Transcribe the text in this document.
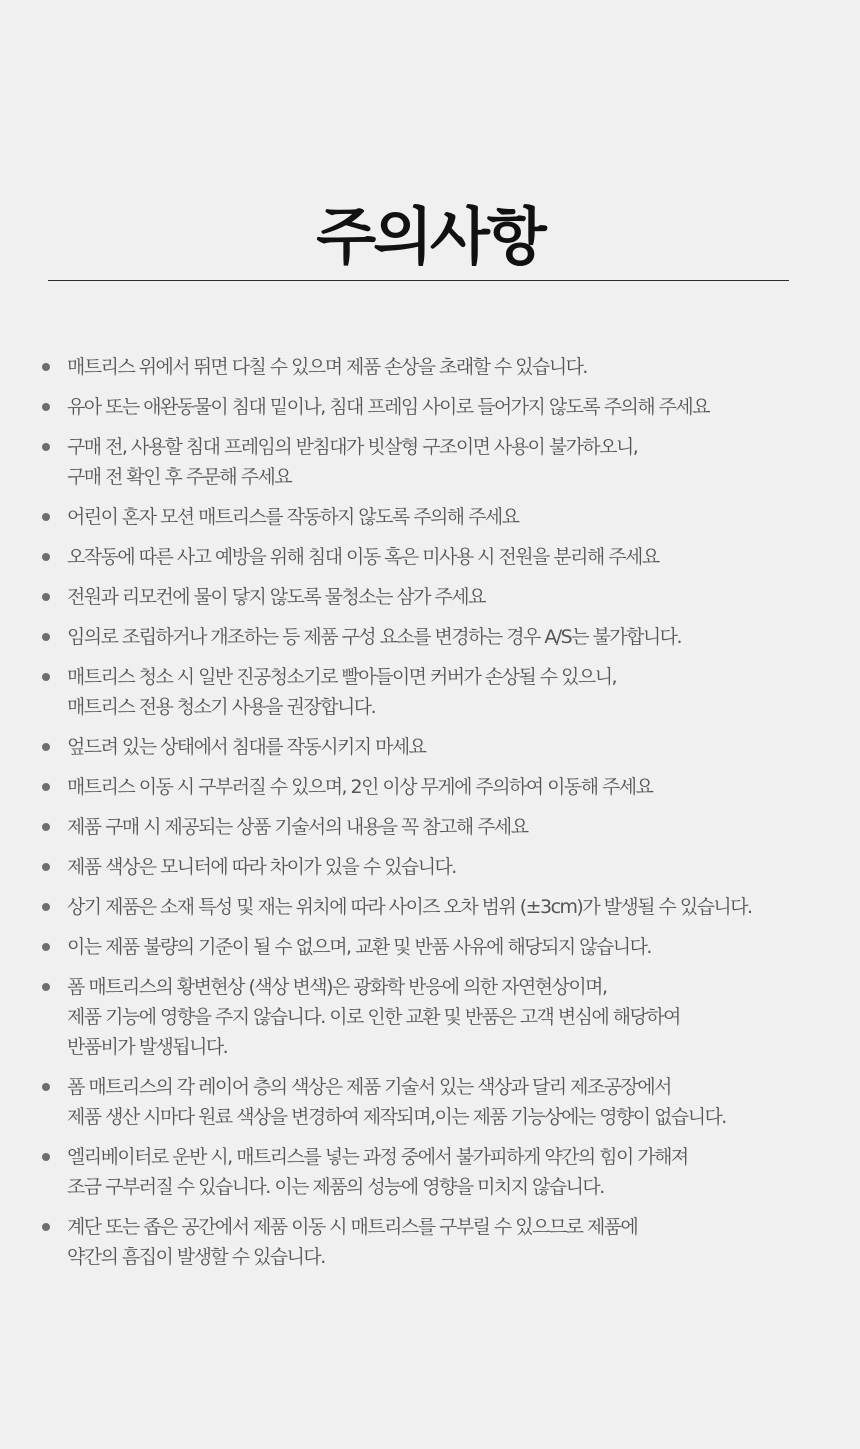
주의사항
매트리스 위에서 뛰면 다칠 수 있으며 제품 손상을 초래할 수 있습니다.
유아 또는 애완동물이 침대 밑이나, 침대 프레임 사이로 들어가지 않도록 주의해 주세요
구매 전, 사용할 침대 프레임의 받침대가 빗살형 구조이면 사용이 불가하오니,
구매 전 확인 후 주문해 주세요
어린이 혼자 모션 매트리스를 작동하지 않도록 주의해 주세요
오작동에 따른 사고 예방을 위해 침대 이동 혹은 미사용 시 전원을 분리해 주세요
전원과 리모컨에 물이 닿지 않도록 물청소는 삼가 주세요
임의로 조립하거나 개조하는 등 제품 구성 요소를 변경하는 경우 A/S는 불가합니다.
매트리스 청소 시 일반 진공청소기로 빨아들이면 커버가 손상될 수 있으니,
매트리스 전용 청소기 사용을 권장합니다.
엎드려 있는 상태에서 침대를 작동시키지 마세요
매트리스 이동 시 구부러질 수 있으며, 2인 이상 무게에 주의하여 이동해 주세요
제품 구매 시 제공되는 상품 기술서의 내용을 꼭 참고해 주세요
제품 색상은 모니터에 따라 차이가 있을 수 있습니다.
상기 제품은 소재 특성 및 재는 위치에 따라 사이즈 오차 범위 (±3cm)가 발생될 수 있습니다.
이는 제품 불량의 기준이 될 수 없으며, 교환 및 반품 사유에 해당되지 않습니다.
폼 매트리스의 황변현상 (색상 변색)은 광화학 반응에 의한 자연현상이며,
제품 기능에 영향을 주지 않습니다. 이로 인한 교환 및 반품은 고객 변심에 해당하여
반품비가 발생됩니다.
폼 매트리스의 각 레이어 층의 색상은 제품 기술서 있는 색상과 달리 제조공장에서
제품 생산 시마다 원료 색상을 변경하여 제작되며,이는 제품 기능상에는 영향이 없습니다.
엘리베이터로 운반 시, 매트리스를 넣는 과정 중에서 불가피하게 약간의 힘이 가해져
조금 구부러질 수 있습니다. 이는 제품의 성능에 영향을 미치지 않습니다.
계단 또는 좁은 공간에서 제품 이동 시 매트리스를 구부릴 수 있으므로 제품에
약간의 흠집이 발생할 수 있습니다.
